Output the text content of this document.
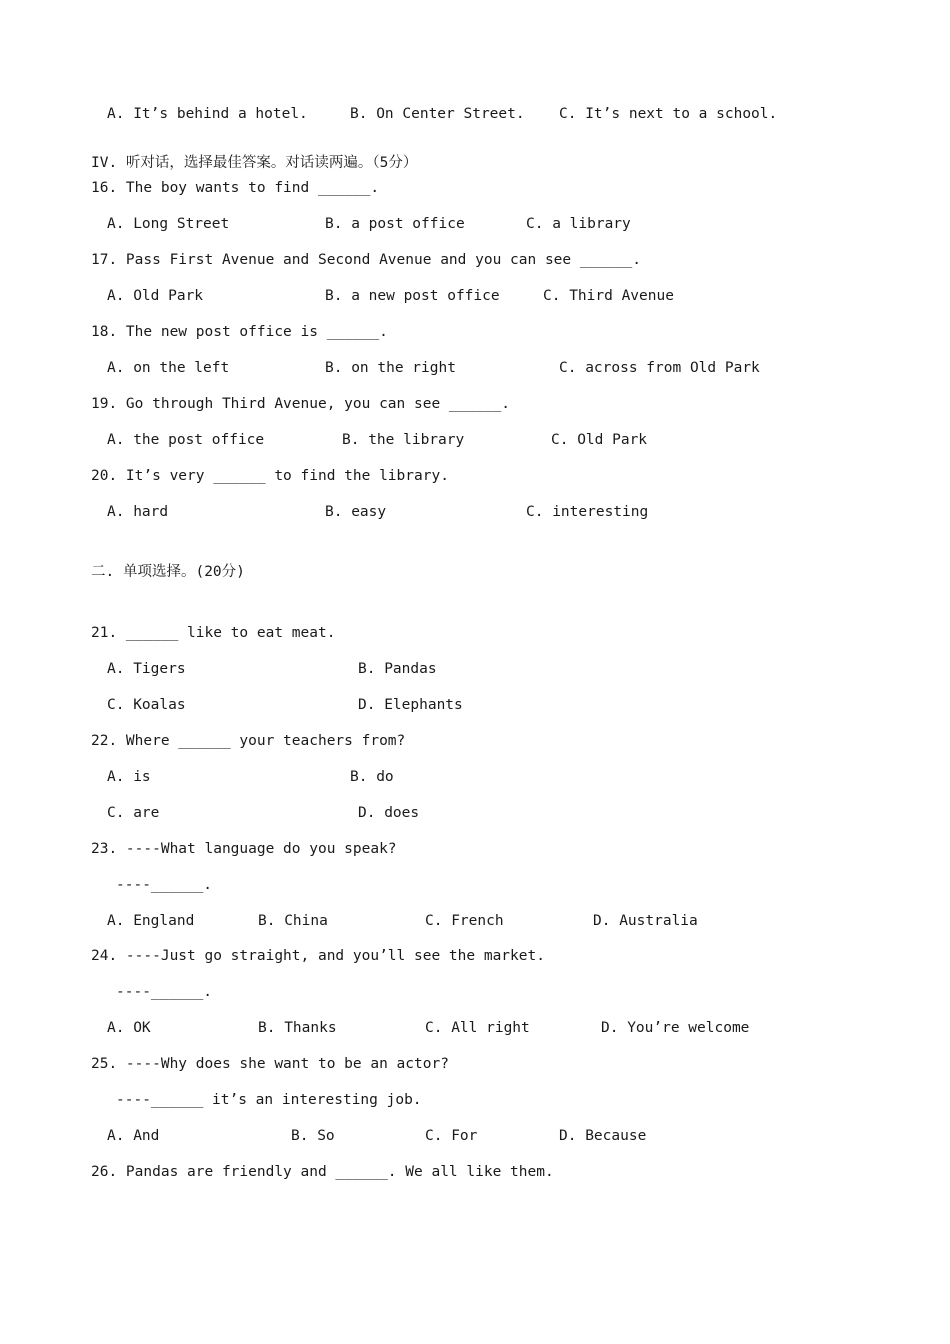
A. It’s behind a hotel.	B. On Center Street. C. It’s next to a school.
IV. 听对话，选择最佳答案。对话读两遍。（5分）
16. The boy wants to find ______.
A. Long Street	B. a post office	C. a library
17. Pass First Avenue and Second Avenue and you can see ______.
A. Old Park	B. a new post office	C. Third Avenue
18. The new post office is ______.
A. on the left	B. on the right	C. across from Old Park
19. Go through Third Avenue, you can see ______.
A. the post office	B. the library	C. Old Park
20. It’s very ______ to find the library.
A. hard	B. easy	C. interesting
二. 单项选择。(20分)
21. ______ like to eat meat.
A. Tigers	B. Pandas
C. Koalas	D. Elephants
22. Where ______ your teachers from?
A. is	B. do
C. are	D. does
23. ----What language do you speak?
----______.
A. England	B. China	C. French	D. Australia
24. ----Just go straight, and you’ll see the market.
----______.
A. OK	B. Thanks	C. All right	D. You’re welcome
25. ----Why does she want to be an actor?
----______ it’s an interesting job.
A. And	B. So	C. For	D. Because
26. Pandas are friendly and ______. We all like them.
